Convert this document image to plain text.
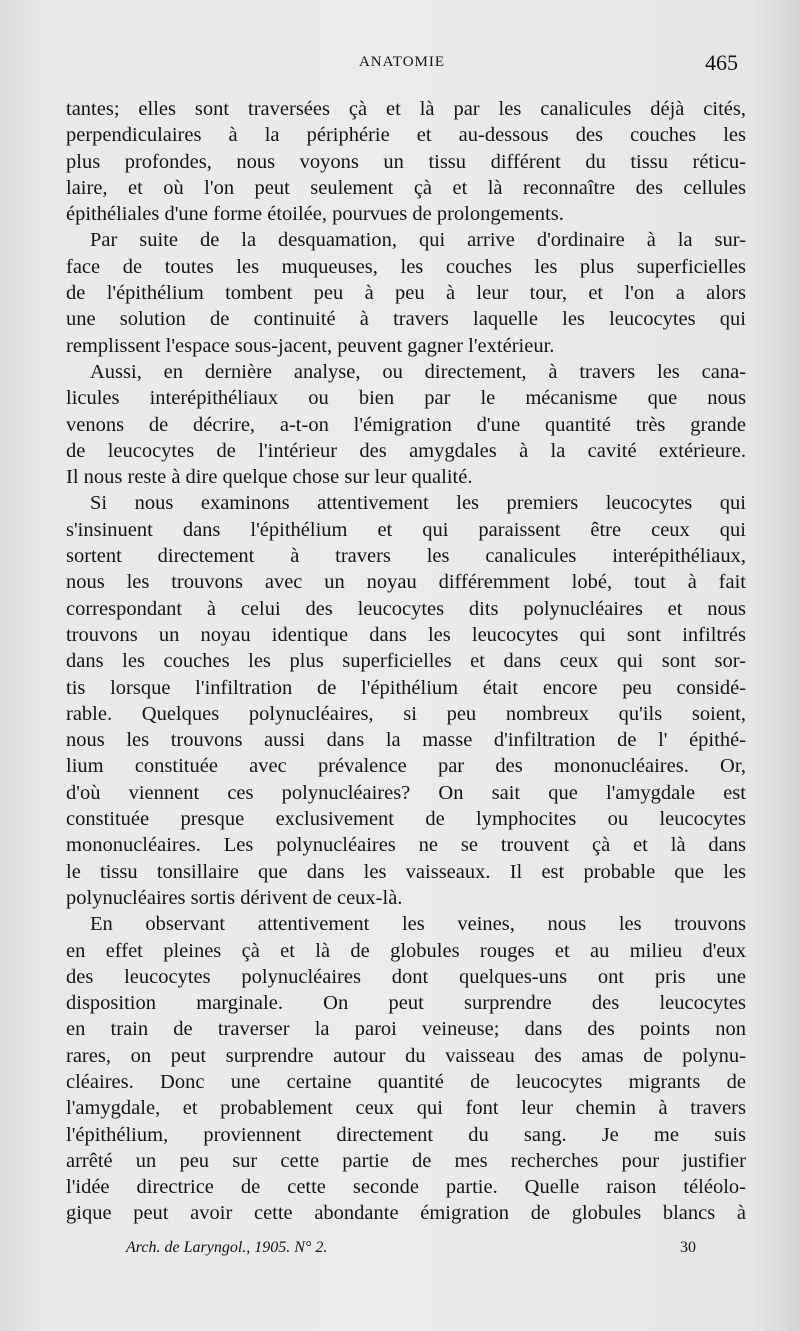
ANATOMIE	465
tantes; elles sont traversées çà et là par les canalicules déjà cités,
perpendiculaires à la périphérie et au-dessous des couches les
plus profondes, nous voyons un tissu différent du tissu réticu-
laire, et où l'on peut seulement çà et là reconnaître des cellules
épithéliales d'une forme étoilée, pourvues de prolongements.
Par suite de la desquamation, qui arrive d'ordinaire à la sur-
face de toutes les muqueuses, les couches les plus superficielles
de l'épithélium tombent peu à peu à leur tour, et l'on a alors
une solution de continuité à travers laquelle les leucocytes qui
remplissent l'espace sous-jacent, peuvent gagner l'extérieur.
Aussi, en dernière analyse, ou directement, à travers les cana-
licules interépithéliaux ou bien par le mécanisme que nous
venons de décrire, a-t-on l'émigration d'une quantité très grande
de leucocytes de l'intérieur des amygdales à la cavité extérieure.
Il nous reste à dire quelque chose sur leur qualité.
Si nous examinons attentivement les premiers leucocytes qui
s'insinuent dans l'épithélium et qui paraissent être ceux qui
sortent directement à travers les canalicules interépithéliaux,
nous les trouvons avec un noyau différemment lobé, tout à fait
correspondant à celui des leucocytes dits polynucléaires et nous
trouvons un noyau identique dans les leucocytes qui sont infiltrés
dans les couches les plus superficielles et dans ceux qui sont sor-
tis lorsque l'infiltration de l'épithélium était encore peu considé-
rable. Quelques polynucléaires, si peu nombreux qu'ils soient,
nous les trouvons aussi dans la masse d'infiltration de l' épithé-
lium constituée avec prévalence par des mononucléaires. Or,
d'où viennent ces polynucléaires? On sait que l'amygdale est
constituée presque exclusivement de lymphocites ou leucocytes
mononucléaires. Les polynucléaires ne se trouvent çà et là dans
le tissu tonsillaire que dans les vaisseaux. Il est probable que les
polynucléaires sortis dérivent de ceux-là.
En observant attentivement les veines, nous les trouvons
en effet pleines çà et là de globules rouges et au milieu d'eux
des leucocytes polynucléaires dont quelques-uns ont pris une
disposition marginale. On peut surprendre des leucocytes
en train de traverser la paroi veineuse; dans des points non
rares, on peut surprendre autour du vaisseau des amas de polynu-
cléaires. Donc une certaine quantité de leucocytes migrants de
l'amygdale, et probablement ceux qui font leur chemin à travers
l'épithélium, proviennent directement du sang. Je me suis
arrêté un peu sur cette partie de mes recherches pour justifier
l'idée directrice de cette seconde partie. Quelle raison téléolo-
gique peut avoir cette abondante émigration de globules blancs à
Arch. de Laryngol., 1905. N° 2.	30
